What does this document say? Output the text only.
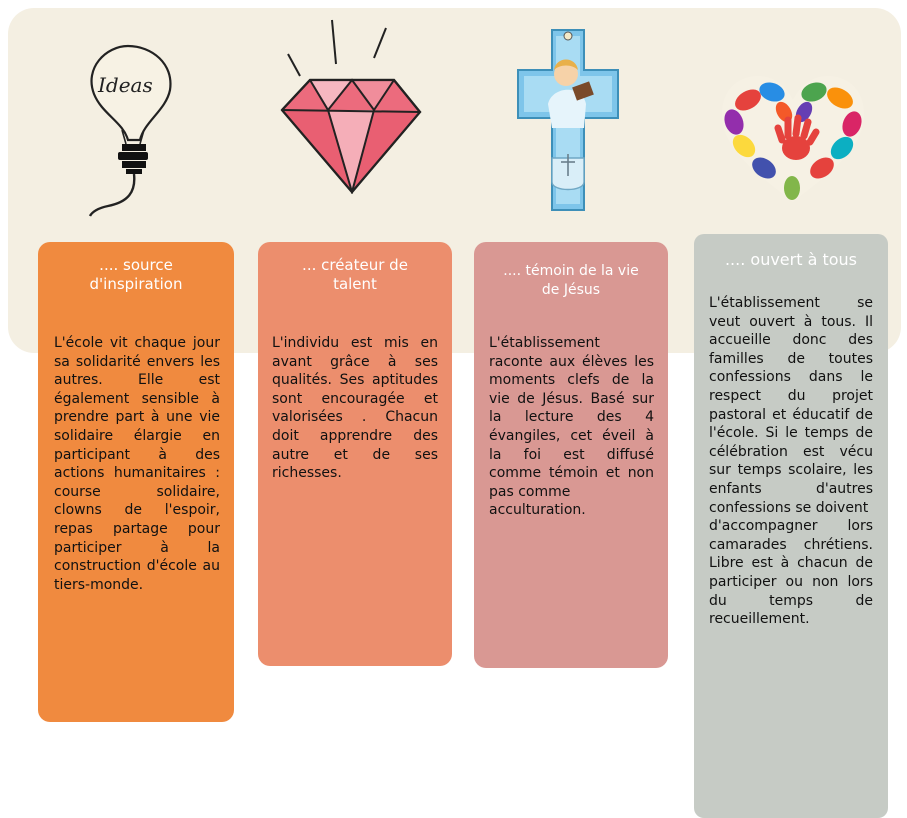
Ideas
.... source
d'inspiration
L'école vit chaque jour sa solidarité envers les autres. Elle est également sensible à prendre part à une vie solidaire élargie en participant à des actions humanitaires : course solidaire, clowns de l'espoir, repas partage pour participer à la construction d'école au tiers-monde.
... créateur de
talent
L'individu est mis en avant grâce à ses qualités. Ses aptitudes sont encouragée et valorisées . Chacun doit apprendre des autre et de ses richesses.
.... témoin de la vie
de Jésus
L'établissement
raconte aux élèves les moments clefs de la vie de Jésus. Basé sur la lecture des 4 évangiles, cet éveil à la foi est diffusé comme témoin et non pas comme
acculturation.
.... ouvert à tous
L'établissement se veut ouvert à tous. Il accueille donc des familles de toutes confessions dans le respect du projet pastoral et éducatif de l'école. Si le temps de célébration est vécu sur temps scolaire, les enfants d'autres confessions se doivent
d'accompagner lors camarades chrétiens. Libre est à chacun de participer ou non lors du temps de recueillement.
